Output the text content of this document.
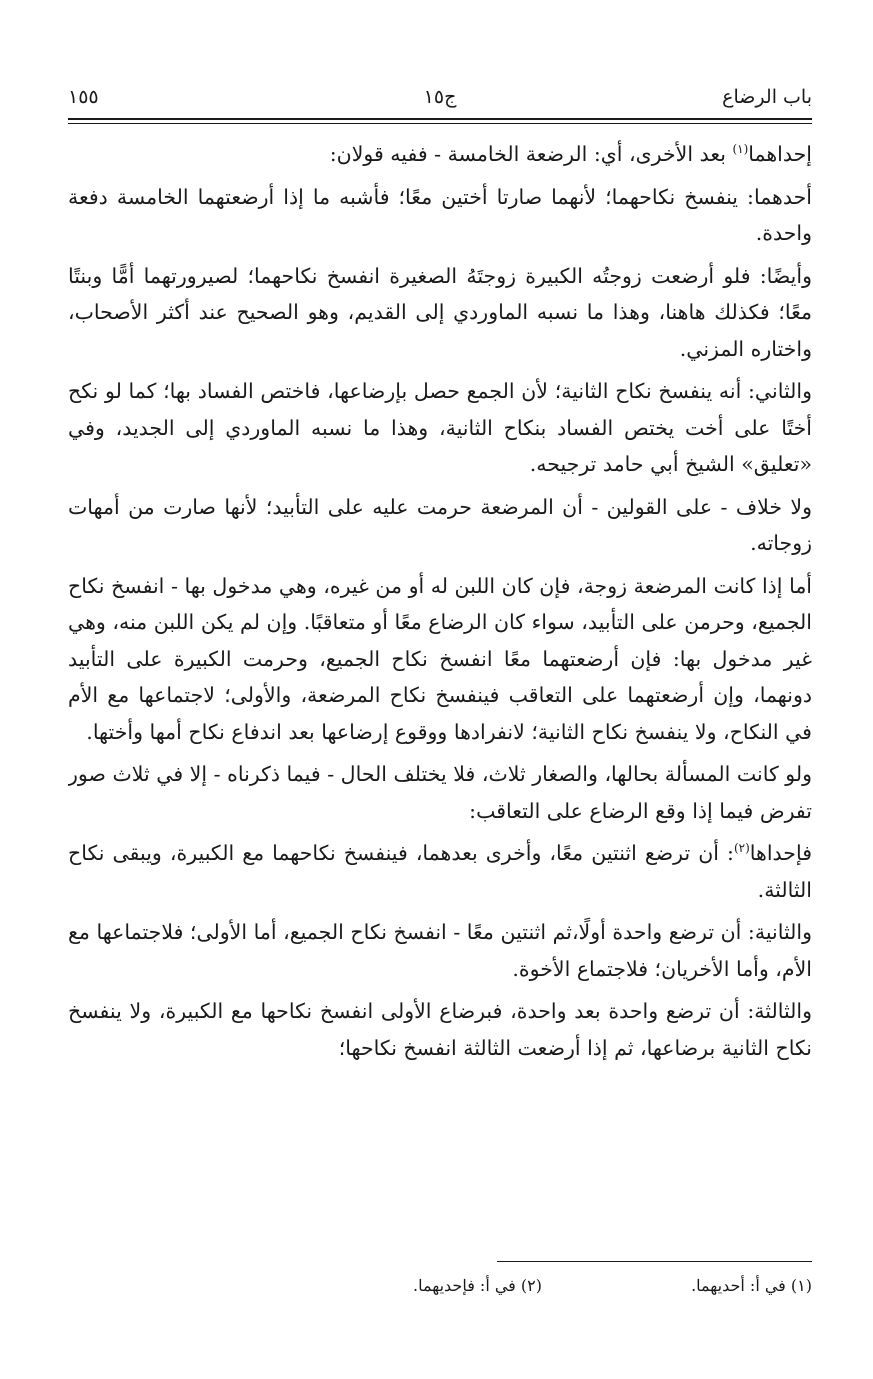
باب الرضاع
ج١٥
١٥٥

إحداهما$^{(١)}$ بعد الأخرى، أي: الرضعة الخامسة - ففيه قولان:

أحدهما: ينفسخ نكاحهما؛ لأنهما صارتا أختين معًا؛ فأشبه ما إذا أرضعتهما الخامسة دفعة واحدة.

وأيضًا: فلو أرضعت زوجتُه الكبيرة زوجتَهُ الصغيرة انفسخ نكاحهما؛ لصيرورتهما أمًّا وبنتًا معًا؛ فكذلك هاهنا، وهذا ما نسبه الماوردي إلى القديم، وهو الصحيح عند أكثر الأصحاب، واختاره المزني.

والثاني: أنه ينفسخ نكاح الثانية؛ لأن الجمع حصل بإرضاعها، فاختص الفساد بها؛ كما لو نكح أختًا على أخت يختص الفساد بنكاح الثانية، وهذا ما نسبه الماوردي إلى الجديد، وفي «تعليق» الشيخ أبي حامد ترجيحه.

ولا خلاف - على القولين - أن المرضعة حرمت عليه على التأبيد؛ لأنها صارت من أمهات زوجاته.

أما إذا كانت المرضعة زوجة، فإن كان اللبن له أو من غيره، وهي مدخول بها - انفسخ نكاح الجميع، وحرمن على التأبيد، سواء كان الرضاع معًا أو متعاقبًا. وإن لم يكن اللبن منه، وهي غير مدخول بها: فإن أرضعتهما معًا انفسخ نكاح الجميع، وحرمت الكبيرة على التأبيد دونهما، وإن أرضعتهما على التعاقب فينفسخ نكاح المرضعة، والأولى؛ لاجتماعها مع الأم في النكاح، ولا ينفسخ نكاح الثانية؛ لانفرادها ووقوع إرضاعها بعد اندفاع نكاح أمها وأختها.

ولو كانت المسألة بحالها، والصغار ثلاث، فلا يختلف الحال - فيما ذكرناه - إلا في ثلاث صور تفرض فيما إذا وقع الرضاع على التعاقب:

فإحداها$^{(٢)}$: أن ترضع اثنتين معًا، وأخرى بعدهما، فينفسخ نكاحهما مع الكبيرة، ويبقى نكاح الثالثة.

والثانية: أن ترضع واحدة أولًا،ثم اثنتين معًا - انفسخ نكاح الجميع، أما الأولى؛ فلاجتماعها مع الأم، وأما الأخريان؛ فلاجتماع الأخوة.

والثالثة: أن ترضع واحدة بعد واحدة، فبرضاع الأولى انفسخ نكاحها مع الكبيرة، ولا ينفسخ نكاح الثانية برضاعها، ثم إذا أرضعت الثالثة انفسخ نكاحها؛

(١) في أ: أحديهما.
(٢) في أ: فإحديهما.
